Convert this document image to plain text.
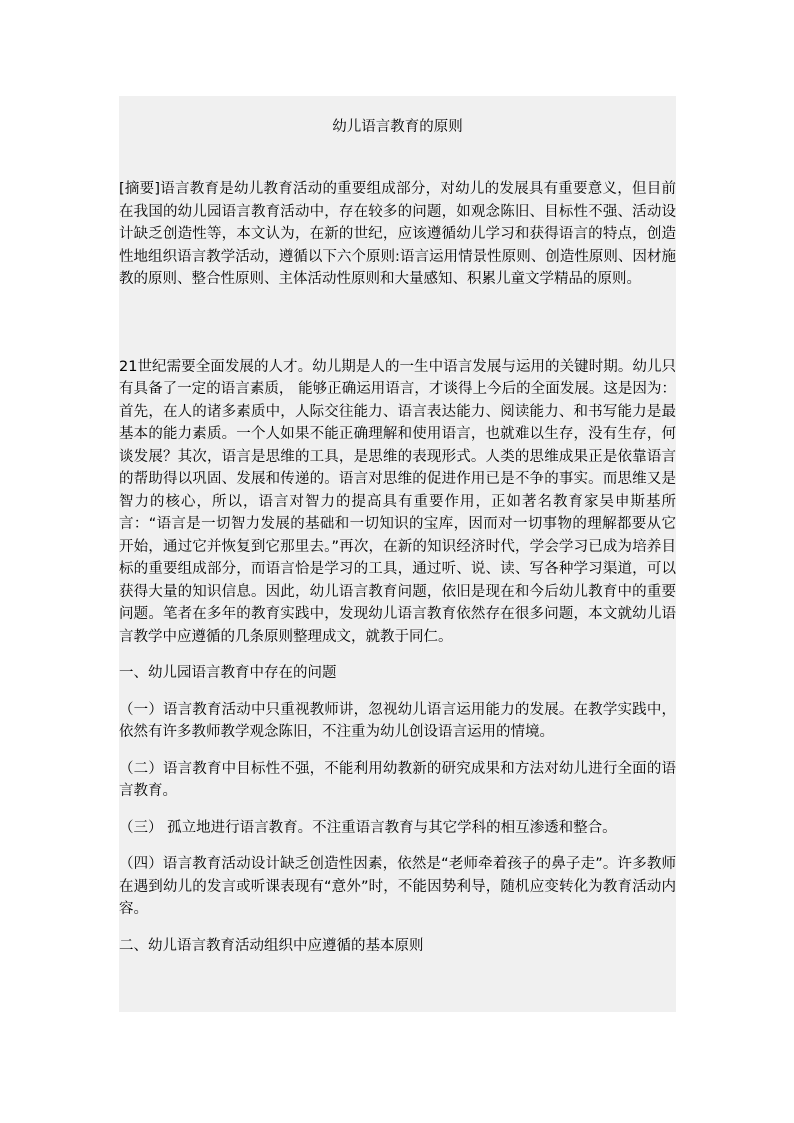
幼儿语言教育的原则

[摘要]语言教育是幼儿教育活动的重要组成部分，对幼儿的发展具有重要意义，但目前在我国的幼儿园语言教育活动中，存在较多的问题，如观念陈旧、目标性不强、活动设计缺乏创造性等，本文认为，在新的世纪，应该遵循幼儿学习和获得语言的特点，创造性地组织语言教学活动，遵循以下六个原则:语言运用情景性原则、创造性原则、因材施教的原则、整合性原则、主体活动性原则和大量感知、积累儿童文学精品的原则。

21世纪需要全面发展的人才。幼儿期是人的一生中语言发展与运用的关键时期。幼儿只有具备了一定的语言素质， 能够正确运用语言，才谈得上今后的全面发展。这是因为：首先，在人的诸多素质中，人际交往能力、语言表达能力、阅读能力、和书写能力是最基本的能力素质。一个人如果不能正确理解和使用语言，也就难以生存，没有生存，何谈发展？其次，语言是思维的工具，是思维的表现形式。人类的思维成果正是依靠语言的帮助得以巩固、发展和传递的。语言对思维的促进作用已是不争的事实。而思维又是智力的核心，所以，语言对智力的提高具有重要作用，正如著名教育家吴申斯基所言：“语言是一切智力发展的基础和一切知识的宝库，因而对一切事物的理解都要从它开始，通过它并恢复到它那里去。”再次，在新的知识经济时代，学会学习已成为培养目标的重要组成部分，而语言恰是学习的工具，通过听、说、读、写各种学习渠道，可以获得大量的知识信息。因此，幼儿语言教育问题，依旧是现在和今后幼儿教育中的重要问题。笔者在多年的教育实践中，发现幼儿语言教育依然存在很多问题，本文就幼儿语言教学中应遵循的几条原则整理成文，就教于同仁。

一、幼儿园语言教育中存在的问题

（一）语言教育活动中只重视教师讲，忽视幼儿语言运用能力的发展。在教学实践中，依然有许多教师教学观念陈旧，不注重为幼儿创设语言运用的情境。

（二）语言教育中目标性不强，不能利用幼教新的研究成果和方法对幼儿进行全面的语言教育。

（三） 孤立地进行语言教育。不注重语言教育与其它学科的相互渗透和整合。

（四）语言教育活动设计缺乏创造性因素，依然是“老师牵着孩子的鼻子走”。许多教师在遇到幼儿的发言或听课表现有“意外”时，不能因势利导，随机应变转化为教育活动内容。

二、幼儿语言教育活动组织中应遵循的基本原则
